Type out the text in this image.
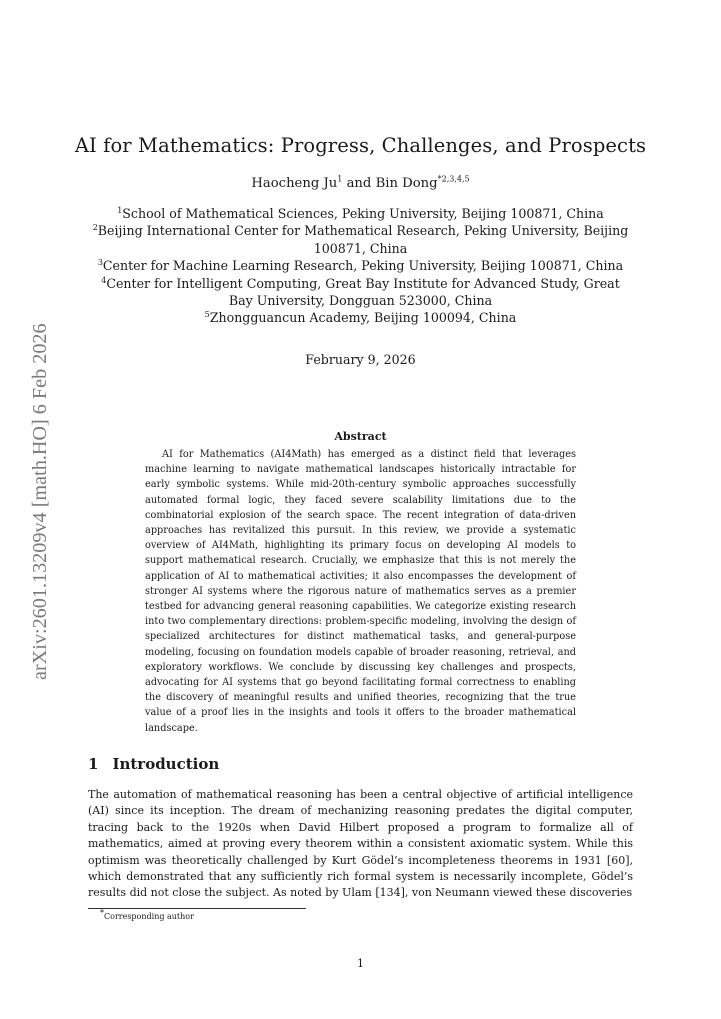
arXiv:2601.13209v4 [math.HO] 6 Feb 2026
AI for Mathematics: Progress, Challenges, and Prospects
Haocheng Ju$^1$ and Bin Dong$^{*2,3,4,5}$

$^1$School of Mathematical Sciences, Peking University, Beijing 100871, China

$^2$Beijing International Center for Mathematical Research, Peking University, Beijing 100871, China

$^3$Center for Machine Learning Research, Peking University, Beijing 100871, China

$^4$Center for Intelligent Computing, Great Bay Institute for Advanced Study, Great Bay University, Dongguan 523000, China

$^5$Zhongguancun Academy, Beijing 100094, China

February 9, 2026
Abstract
AI for Mathematics (AI4Math) has emerged as a distinct field that leverages machine learning to navigate mathematical landscapes historically intractable for early symbolic systems. While mid-20th-century symbolic approaches successfully automated formal logic, they faced severe scalability limitations due to the combinatorial explosion of the search space. The recent integration of data-driven approaches has revitalized this pursuit. In this review, we provide a systematic overview of AI4Math, highlighting its primary focus on developing AI models to support mathematical research. Crucially, we emphasize that this is not merely the application of AI to mathematical activities; it also encompasses the development of stronger AI systems where the rigorous nature of mathematics serves as a premier testbed for advancing general reasoning capabilities. We categorize existing research into two complementary directions: problem-specific modeling, involving the design of specialized architectures for distinct mathematical tasks, and general-purpose modeling, focusing on foundation models capable of broader reasoning, retrieval, and exploratory workflows. We conclude by discussing key challenges and prospects, advocating for AI systems that go beyond facilitating formal correctness to enabling the discovery of meaningful results and unified theories, recognizing that the true value of a proof lies in the insights and tools it offers to the broader mathematical landscape.
1 Introduction
The automation of mathematical reasoning has been a central objective of artificial intelligence (AI) since its inception. The dream of mechanizing reasoning predates the digital computer, tracing back to the 1920s when David Hilbert proposed a program to formalize all of mathematics, aimed at proving every theorem within a consistent axiomatic system. While this optimism was theoretically challenged by Kurt Gödel’s incompleteness theorems in 1931 [60], which demonstrated that any sufficiently rich formal system is necessarily incomplete, Gödel’s results did not close the subject. As noted by Ulam [134], von Neumann viewed these discoveries
*Corresponding author
1
